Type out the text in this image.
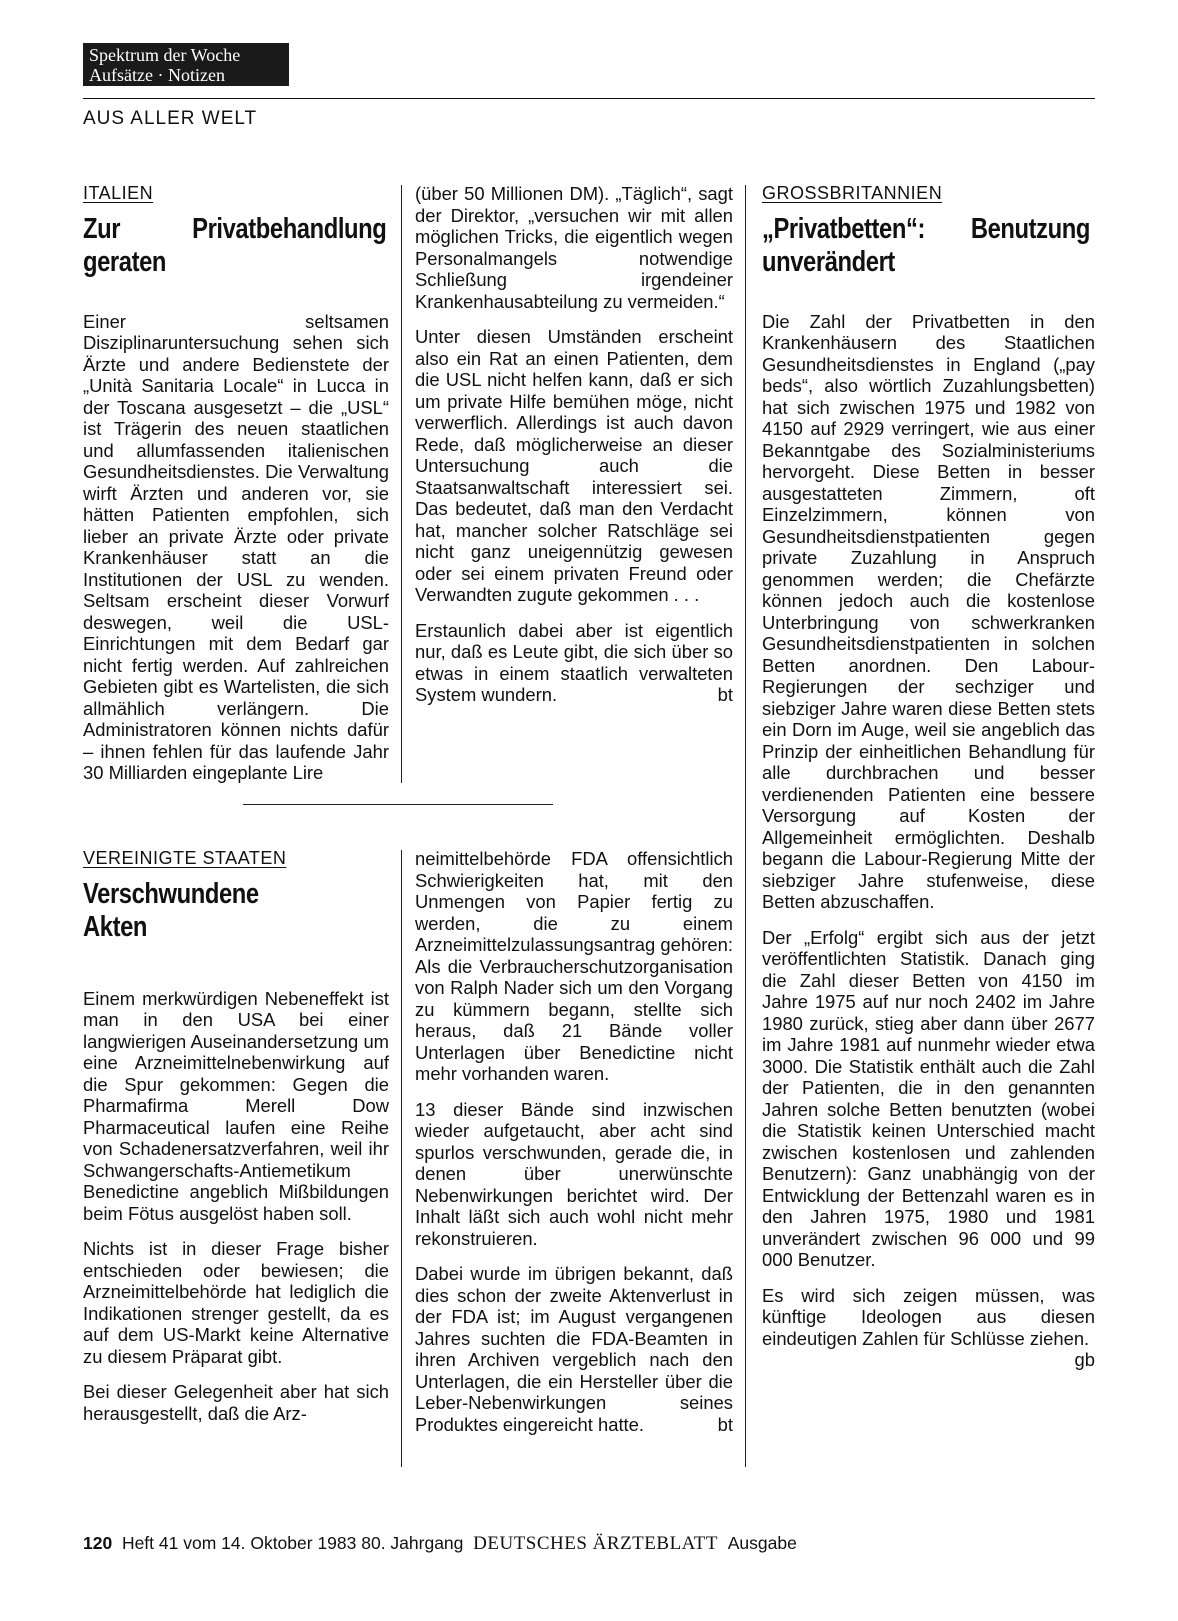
Spektrum der Woche
Aufsätze · Notizen
AUS ALLER WELT
ITALIEN
Zur Privatbehandlung geraten

Einer seltsamen Disziplinaruntersuchung sehen sich Ärzte und andere Bedienstete der „Unità Sanitaria Locale“ in Lucca in der Toscana ausgesetzt – die „USL“ ist Trägerin des neuen staatlichen und allumfassenden italienischen Gesundheitsdienstes. Die Verwaltung wirft Ärzten und anderen vor, sie hätten Patienten empfohlen, sich lieber an private Ärzte oder private Krankenhäuser statt an die Institutionen der USL zu wenden. Seltsam erscheint dieser Vorwurf deswegen, weil die USL-Einrichtungen mit dem Bedarf gar nicht fertig werden. Auf zahlreichen Gebieten gibt es Wartelisten, die sich allmählich verlängern. Die Administratoren können nichts dafür – ihnen fehlen für das laufende Jahr 30 Milliarden eingeplante Lire

(über 50 Millionen DM). „Täglich“, sagt der Direktor, „versuchen wir mit allen möglichen Tricks, die eigentlich wegen Personalmangels notwendige Schließung irgendeiner Krankenhausabteilung zu vermeiden.“

Unter diesen Umständen erscheint also ein Rat an einen Patienten, dem die USL nicht helfen kann, daß er sich um private Hilfe bemühen möge, nicht verwerflich. Allerdings ist auch davon Rede, daß möglicherweise an dieser Untersuchung auch die Staatsanwaltschaft interessiert sei. Das bedeutet, daß man den Verdacht hat, mancher solcher Ratschläge sei nicht ganz uneigennützig gewesen oder sei einem privaten Freund oder Verwandten zugute gekommen . . .

Erstaunlich dabei aber ist eigentlich nur, daß es Leute gibt, die sich über so etwas in einem staatlich verwalteten System wundern.	bt

GROSSBRITANNIEN
„Privatbetten“: Benutzung unverändert

Die Zahl der Privatbetten in den Krankenhäusern des Staatlichen Gesundheitsdienstes in England („pay beds“, also wörtlich Zuzahlungsbetten) hat sich zwischen 1975 und 1982 von 4150 auf 2929 verringert, wie aus einer Bekanntgabe des Sozialministeriums hervorgeht. Diese Betten in besser ausgestatteten Zimmern, oft Einzelzimmern, können von Gesundheitsdienstpatienten gegen private Zuzahlung in Anspruch genommen werden; die Chefärzte können jedoch auch die kostenlose Unterbringung von schwerkranken Gesundheitsdienstpatienten in solchen Betten anordnen. Den Labour-Regierungen der sechziger und siebziger Jahre waren diese Betten stets ein Dorn im Auge, weil sie angeblich das Prinzip der einheitlichen Behandlung für alle durchbrachen und besser verdienenden Patienten eine bessere Versorgung auf Kosten der Allgemeinheit ermöglichten. Deshalb begann die Labour-Regierung Mitte der siebziger Jahre stufenweise, diese Betten abzuschaffen.

Der „Erfolg“ ergibt sich aus der jetzt veröffentlichten Statistik. Danach ging die Zahl dieser Betten von 4150 im Jahre 1975 auf nur noch 2402 im Jahre 1980 zurück, stieg aber dann über 2677 im Jahre 1981 auf nunmehr wieder etwa 3000. Die Statistik enthält auch die Zahl der Patienten, die in den genannten Jahren solche Betten benutzten (wobei die Statistik keinen Unterschied macht zwischen kostenlosen und zahlenden Benutzern): Ganz unabhängig von der Entwicklung der Bettenzahl waren es in den Jahren 1975, 1980 und 1981 unverändert zwischen 96 000 und 99 000 Benutzer.

Es wird sich zeigen müssen, was künftige Ideologen aus diesen eindeutigen Zahlen für Schlüsse ziehen.
gb

VEREINIGTE STAATEN
Verschwundene Akten

Einem merkwürdigen Nebeneffekt ist man in den USA bei einer langwierigen Auseinandersetzung um eine Arzneimittelnebenwirkung auf die Spur gekommen: Gegen die Pharmafirma Merell Dow Pharmaceutical laufen eine Reihe von Schadenersatzverfahren, weil ihr Schwangerschafts-Antiemetikum Benedictine angeblich Mißbildungen beim Fötus ausgelöst haben soll.

Nichts ist in dieser Frage bisher entschieden oder bewiesen; die Arzneimittelbehörde hat lediglich die Indikationen strenger gestellt, da es auf dem US-Markt keine Alternative zu diesem Präparat gibt.

Bei dieser Gelegenheit aber hat sich herausgestellt, daß die Arz-

neimittelbehörde FDA offensichtlich Schwierigkeiten hat, mit den Unmengen von Papier fertig zu werden, die zu einem Arzneimittelzulassungsantrag gehören: Als die Verbraucherschutzorganisation von Ralph Nader sich um den Vorgang zu kümmern begann, stellte sich heraus, daß 21 Bände voller Unterlagen über Benedictine nicht mehr vorhanden waren.

13 dieser Bände sind inzwischen wieder aufgetaucht, aber acht sind spurlos verschwunden, gerade die, in denen über unerwünschte Nebenwirkungen berichtet wird. Der Inhalt läßt sich auch wohl nicht mehr rekonstruieren.

Dabei wurde im übrigen bekannt, daß dies schon der zweite Aktenverlust in der FDA ist; im August vergangenen Jahres suchten die FDA-Beamten in ihren Archiven vergeblich nach den Unterlagen, die ein Hersteller über die Leber-Nebenwirkungen seines Produktes eingereicht hatte.	bt

120 Heft 41 vom 14. Oktober 1983 80. Jahrgang DEUTSCHES ÄRZTEBLATT Ausgabe
